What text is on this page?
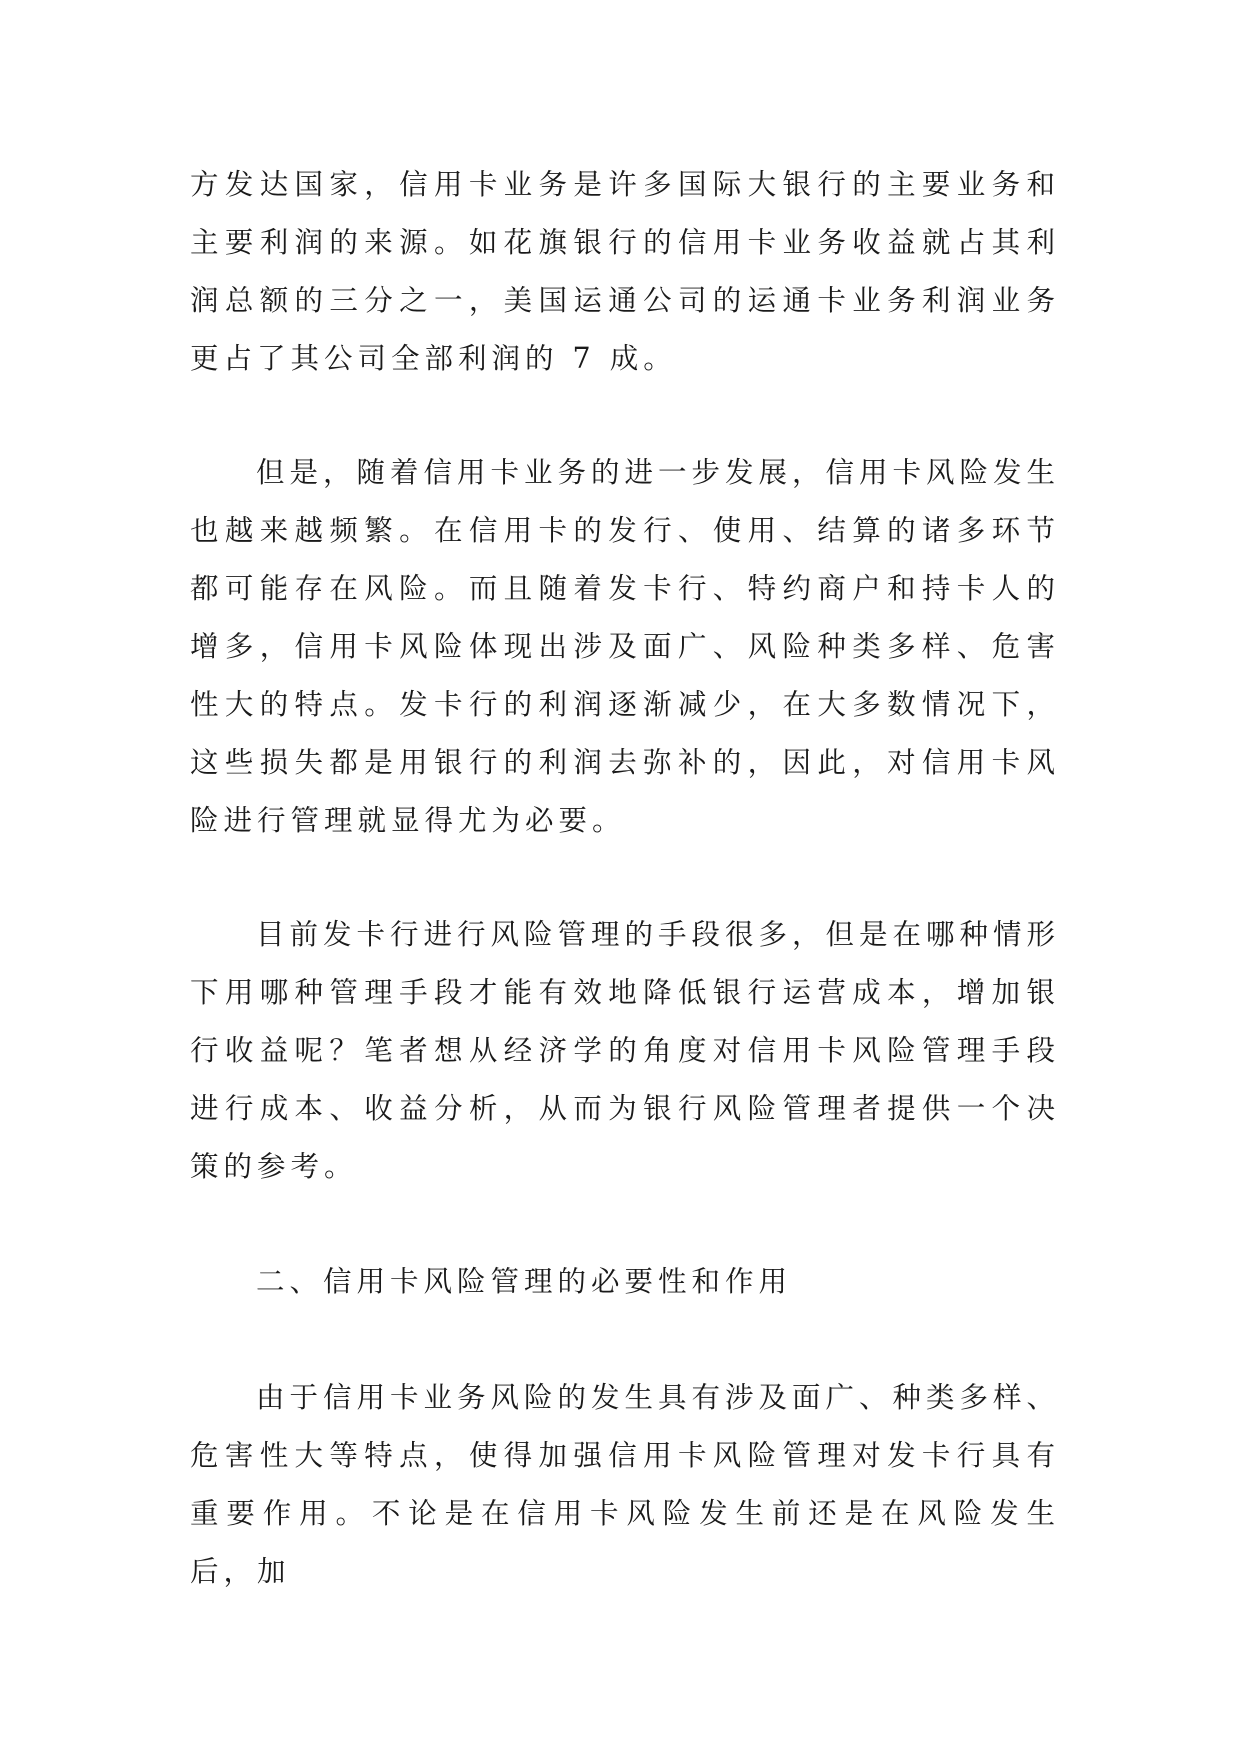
方发达国家，信用卡业务是许多国际大银行的主要业务和主要利润的来源。如花旗银行的信用卡业务收益就占其利润总额的三分之一，美国运通公司的运通卡业务利润业务更占了其公司全部利润的 7 成。

但是，随着信用卡业务的进一步发展，信用卡风险发生也越来越频繁。在信用卡的发行、使用、结算的诸多环节都可能存在风险。而且随着发卡行、特约商户和持卡人的增多，信用卡风险体现出涉及面广、风险种类多样、危害性大的特点。发卡行的利润逐渐减少，在大多数情况下，这些损失都是用银行的利润去弥补的，因此，对信用卡风险进行管理就显得尤为必要。

目前发卡行进行风险管理的手段很多，但是在哪种情形下用哪种管理手段才能有效地降低银行运营成本，增加银行收益呢？笔者想从经济学的角度对信用卡风险管理手段进行成本、收益分析，从而为银行风险管理者提供一个决策的参考。

二、信用卡风险管理的必要性和作用

由于信用卡业务风险的发生具有涉及面广、种类多样、危害性大等特点，使得加强信用卡风险管理对发卡行具有重要作用。不论是在信用卡风险发生前还是在风险发生后，加
